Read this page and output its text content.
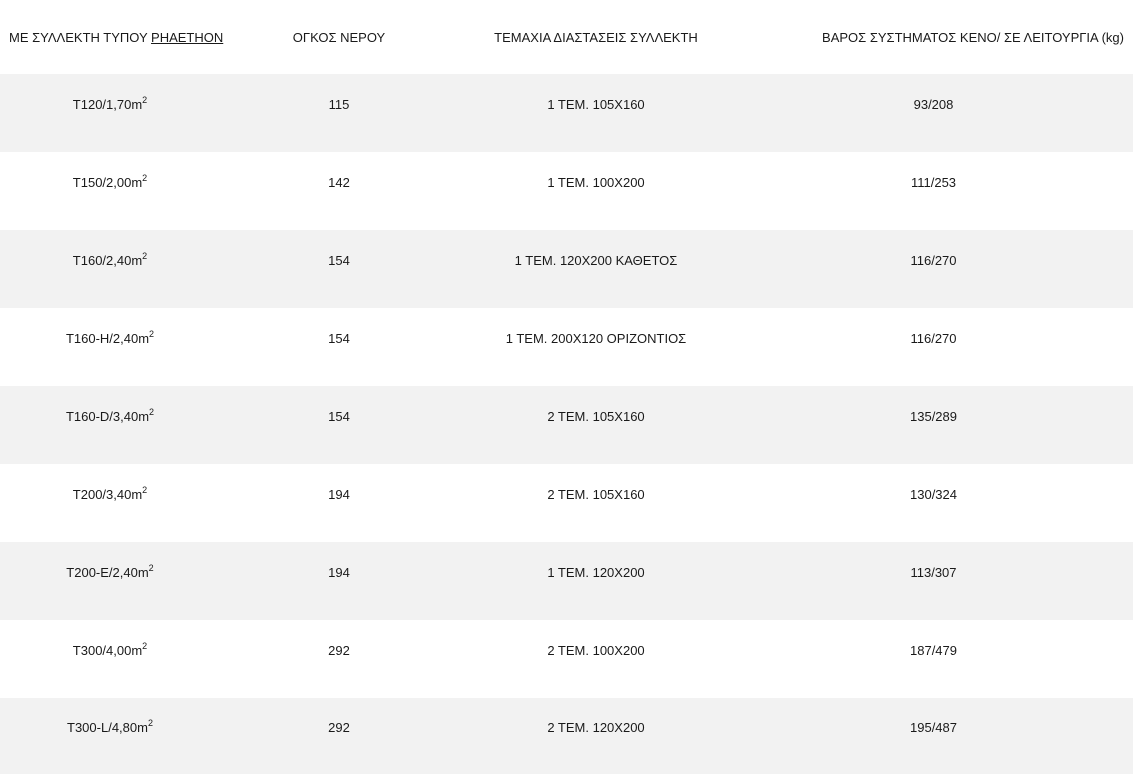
ΜΕ ΣΥΛΛΕΚΤΗ ΤΥΠΟΥ PHAETHON	ΟΓΚΟΣ ΝΕΡΟΥ	ΤΕΜΑΧΙΑ ΔΙΑΣΤΑΣΕΙΣ ΣΥΛΛΕΚΤΗ	ΒΑΡΟΣ ΣΥΣΤΗΜΑΤΟΣ ΚΕΝΟ/ ΣΕ ΛΕΙΤΟΥΡΓΙΑ (kg)
$T120/1,70m^2$	115	1 ΤΕΜ. 105Χ160	93/208
$T150/2,00m^2$	142	1 ΤΕΜ. 100Χ200	111/253
$T160/2,40m^2$	154	1 ΤΕΜ. 120Χ200 ΚΑΘΕΤΟΣ	116/270
$T160-H/2,40m^2$	154	1 ΤΕΜ. 200Χ120 ΟΡΙΖΟΝΤΙΟΣ	116/270
$T160-D/3,40m^2$	154	2 ΤΕΜ. 105Χ160	135/289
$T200/3,40m^2$	194	2 ΤΕΜ. 105Χ160	130/324
$T200-E/2,40m^2$	194	1 ΤΕΜ. 120Χ200	113/307
$T300/4,00m^2$	292	2 ΤΕΜ. 100Χ200	187/479
$T300-L/4,80m^2$	292	2 ΤΕΜ. 120Χ200	195/487
